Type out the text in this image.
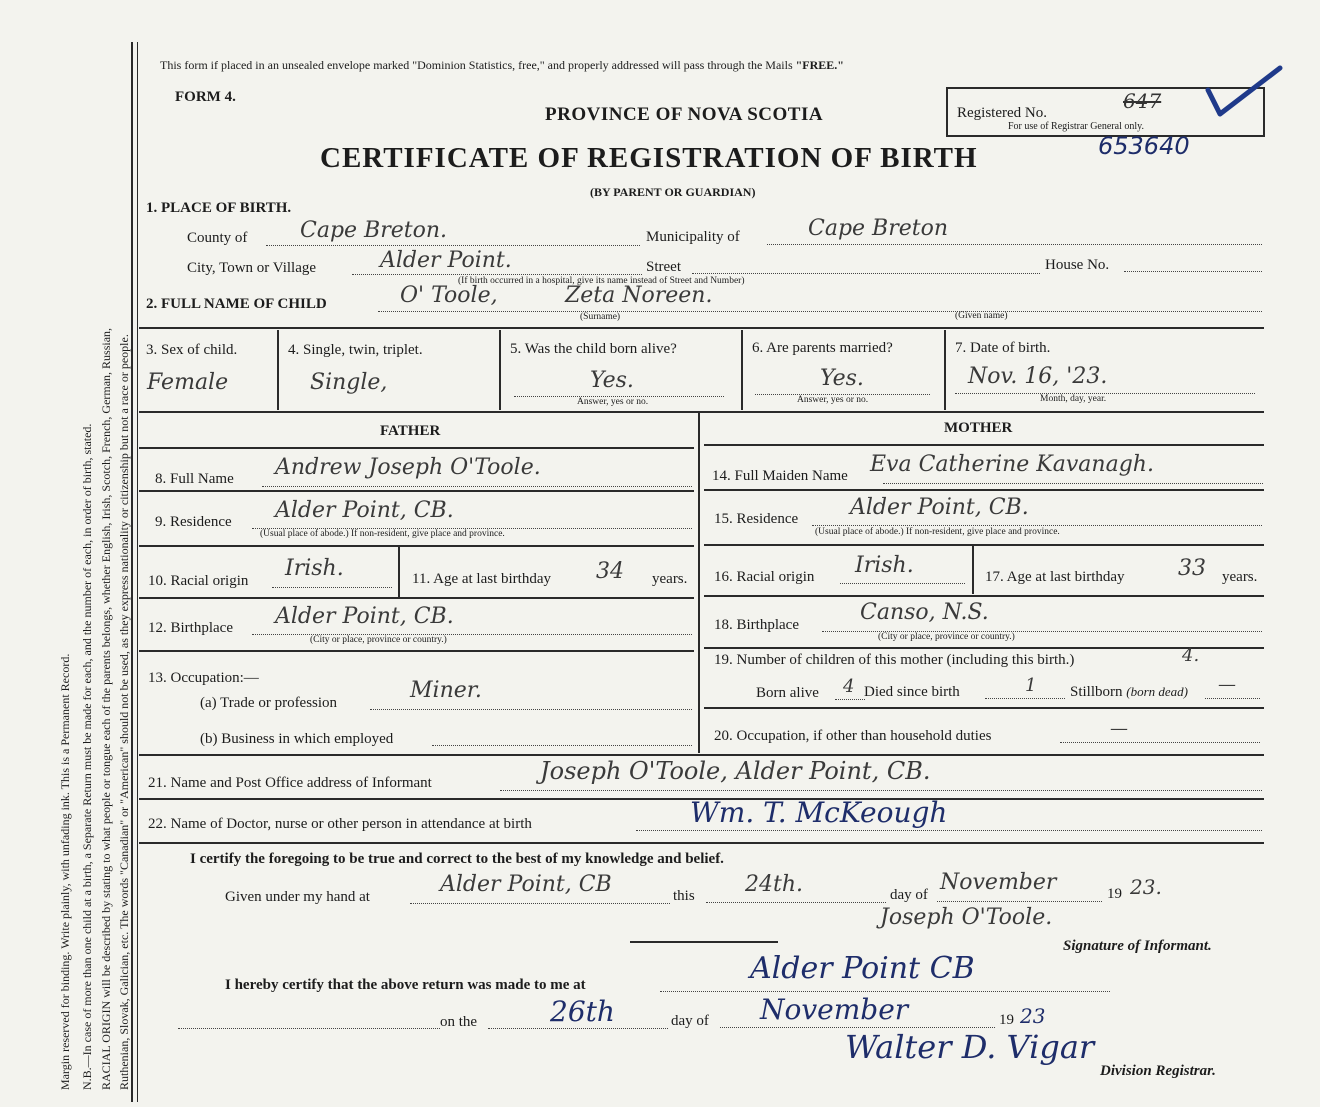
Margin reserved for binding. Write plainly, with unfading ink. This is a Permanent Record. N.B.—In case of more than one child at a birth, a Separate Return must be made for each, and the number of each, in order of birth, stated. RACIAL ORIGIN will be described by stating to what people or tongue each of the parents belongs, whether English, Irish, Scotch, French, German, Russian, Ruthenian, Slovak, Galician, etc. The words "Canadian" or "American" should not be used, as they express nationality or citizenship but not a race or people.
This form if placed in an unsealed envelope marked "Dominion Statistics, free," and properly addressed will pass through the Mails "FREE."
FORM 4.
PROVINCE OF NOVA SCOTIA
CERTIFICATE OF REGISTRATION OF BIRTH
(BY PARENT OR GUARDIAN)
Registered No.	647
For use of Registrar General only.
653640
1. PLACE OF BIRTH.
County of Cape Breton.	Municipality of	Cape Breton
City, Town or Village	Alder Point.	Street	House No.
(If birth occurred in a hospital, give its name instead of Street and Number)
2. FULL NAME OF CHILD	O' Toole,	Zeta Noreen.
(Surname)	(Given name)
3. Sex of child.
Female
4. Single, twin, triplet.
Single,
5. Was the child born alive?
Yes.
Answer, yes or no.
6. Are parents married?
Yes.
Answer, yes or no.
7. Date of birth.
Nov. 16, '23.
Month, day, year.
FATHER
8. Full Name Andrew Joseph O'Toole.
9. Residence Alder Point, CB.
(Usual place of abode.) If non-resident, give place and province.
10. Racial origin Irish.	11. Age at last birthday 34 years.
12. Birthplace Alder Point, CB.
(City or place, province or country.)
13. Occupation:—
(a) Trade or profession	Miner.
(b) Business in which employed
MOTHER
14. Full Maiden Name Eva Catherine Kavanagh.
15. Residence Alder Point, CB.
(Usual place of abode.) If non-resident, give place and province.
16. Racial origin Irish.	17. Age at last birthday 33 years.
18. Birthplace	Canso, N.S.
(City or place, province or country.)
19. Number of children of this mother (including this birth.)	4.
Born alive 4 Died since birth	1 Stillborn (born dead) —
20. Occupation, if other than household duties	—
21. Name and Post Office address of Informant	Joseph O'Toole, Alder Point, CB.
22. Name of Doctor, nurse or other person in attendance at birth	Wm. T. McKeough
I certify the foregoing to be true and correct to the best of my knowledge and belief.
Given under my hand at	Alder Point, CB	this 24th.	day of November	19 23.
Joseph O'Toole.
Signature of Informant.
I hereby certify that the above return was made to me at	Alder Point CB
on the	26th	day of November	19 23
Walter D. Vigar
Division Registrar.
